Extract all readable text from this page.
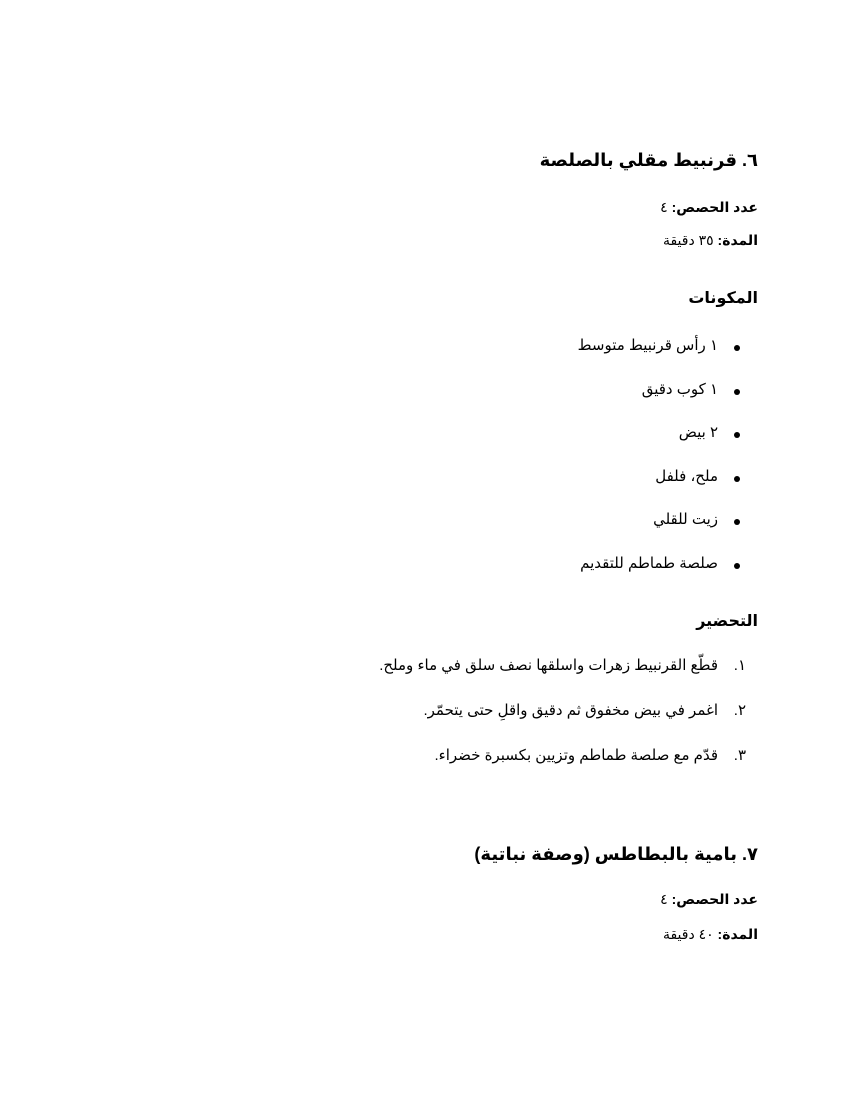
٦. قرنبيط مقلي بالصلصة

عدد الحصص: ٤

المدة: ٣٥ دقيقة

المكونات
١ رأس قرنبيط متوسط
١ كوب دقيق
٢ بيض
ملح، فلفل
زيت للقلي
صلصة طماطم للتقديم
التحضير
١.
قطّع القرنبيط زهرات واسلقها نصف سلق في ماء وملح.
٢.
اغمر في بيض مخفوق ثم دقيق واقلِ حتى يتحمّر.
٣.
قدّم مع صلصة طماطم وتزيين بكسبرة خضراء.
٧. بامية بالبطاطس (وصفة نباتية)

عدد الحصص: ٤

المدة: ٤٠ دقيقة
